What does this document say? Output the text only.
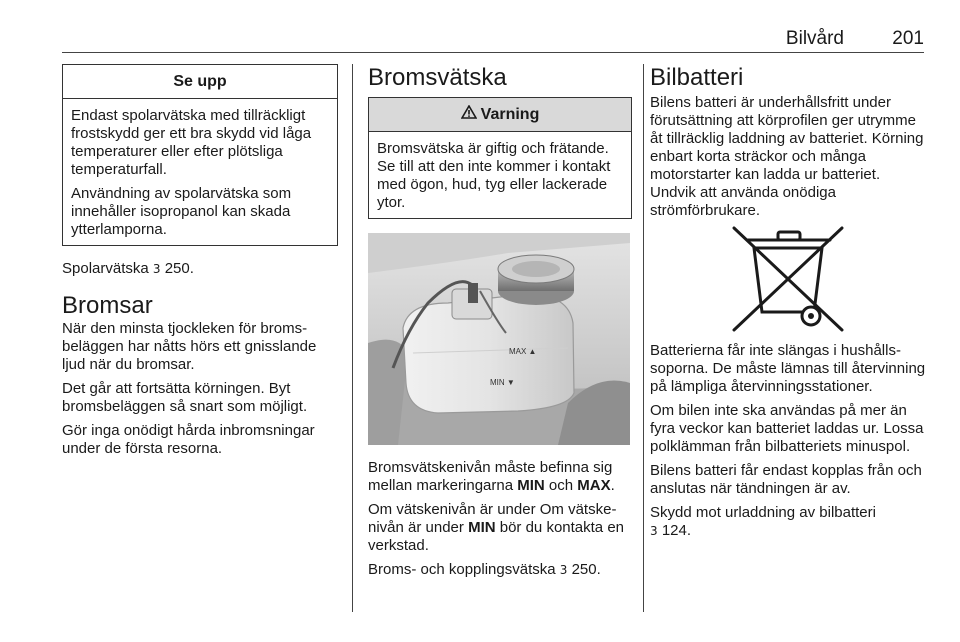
Bilvård	201
Se upp

Endast spolarvätska med tillräckligt frostskydd ger ett bra skydd vid låga temperaturer eller efter plötsliga temperaturfall.

Användning av spolarvätska som innehåller isopropanol kan skada ytterlamporna.

Spolarvätska 3 250.

Bromsar

När den minsta tjockleken för bromsbeläggen har nåtts hörs ett gnisslande ljud när du bromsar.

Det går att fortsätta körningen. Byt bromsbeläggen så snart som möjligt.

Gör inga onödigt hårda inbromsningar under de första resorna.

Bromsvätska
Varning

Bromsvätska är giftig och frätande. Se till att den inte kommer i kontakt med ögon, hud, tyg eller lackerade ytor.

MAX ▲
MIN ▼

Bromsvätskenivån måste befinna sig mellan markeringarna MIN och MAX.

Om vätskenivån är under Om vätskenivån är under MIN bör du kontakta en verkstad.

Broms- och kopplingsvätska 3 250.

Bilbatteri

Bilens batteri är underhållsfritt under förutsättning att körprofilen ger utrymme åt tillräcklig laddning av batteriet. Körning enbart korta sträckor och många motorstarter kan ladda ur batteriet. Undvik att använda onödiga strömförbrukare.

Batterierna får inte slängas i hushållssoporna. De måste lämnas till återvinning på lämpliga återvinningsstationer.

Om bilen inte ska användas på mer än fyra veckor kan batteriet laddas ur. Lossa polklämman från bilbatteriets minuspol.

Bilens batteri får endast kopplas från och anslutas när tändningen är av.

Skydd mot urladdning av bilbatteri
3 124.
